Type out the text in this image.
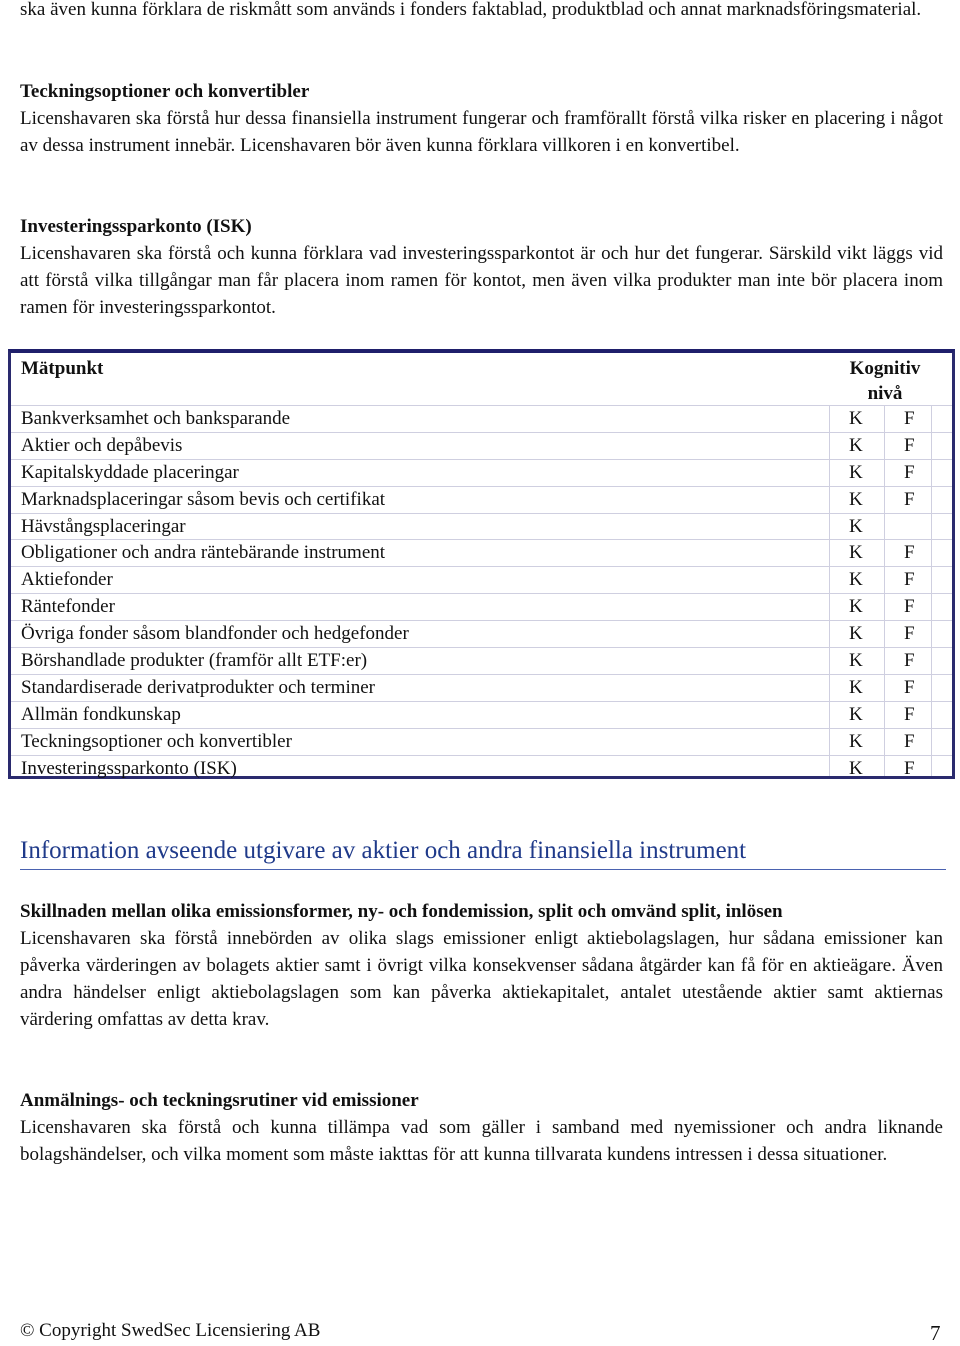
ska även kunna förklara de riskmått som används i fonders faktablad, produktblad och annat marknadsföringsmaterial.

Teckningsoptioner och konvertibler

Licenshavaren ska förstå hur dessa finansiella instrument fungerar och framförallt förstå vilka risker en placering i något av dessa instrument innebär. Licenshavaren bör även kunna förklara villkoren i en konvertibel.

Investeringssparkonto (ISK)

Licenshavaren ska förstå och kunna förklara vad investeringssparkontot är och hur det fungerar. Särskild vikt läggs vid att förstå vilka tillgångar man får placera inom ramen för kontot, men även vilka produkter man inte bör placera inom ramen för investeringssparkontot.

Information avseende utgivare av aktier och andra finansiella instrument
Skillnaden mellan olika emissionsformer, ny- och fondemission, split och omvänd split, inlösen

Licenshavaren ska förstå innebörden av olika slags emissioner enligt aktiebolagslagen, hur sådana emissioner kan påverka värderingen av bolagets aktier samt i övrigt vilka konsekvenser sådana åtgärder kan få för en aktieägare. Även andra händelser enligt aktiebolagslagen som kan påverka aktiekapitalet, antalet utestående aktier samt aktiernas värdering omfattas av detta krav.

Anmälnings- och teckningsrutiner vid emissioner

Licenshavaren ska förstå och kunna tillämpa vad som gäller i samband med nyemissioner och andra liknande bolagshändelser, och vilka moment som måste iakttas för att kunna tillvarata kundens intressen i dessa situationer.

Mätpunkt	Kognitiv nivå
Bankverksamhet och banksparande	K F
Aktier och depåbevis	K F
Kapitalskyddade placeringar	K F
Marknadsplaceringar såsom bevis och certifikat	K F
Hävstångsplaceringar	K
Obligationer och andra räntebärande instrument	K F
Aktiefonder	K F
Räntefonder	K F
Övriga fonder såsom blandfonder och hedgefonder	K F
Börshandlade produkter (framför allt ETF:er)	K F
Standardiserade derivatprodukter och terminer	K F
Allmän fondkunskap	K F
Teckningsoptioner och konvertibler	K F
Investeringssparkonto (ISK)	K F
© Copyright SwedSec Licensiering AB	7
